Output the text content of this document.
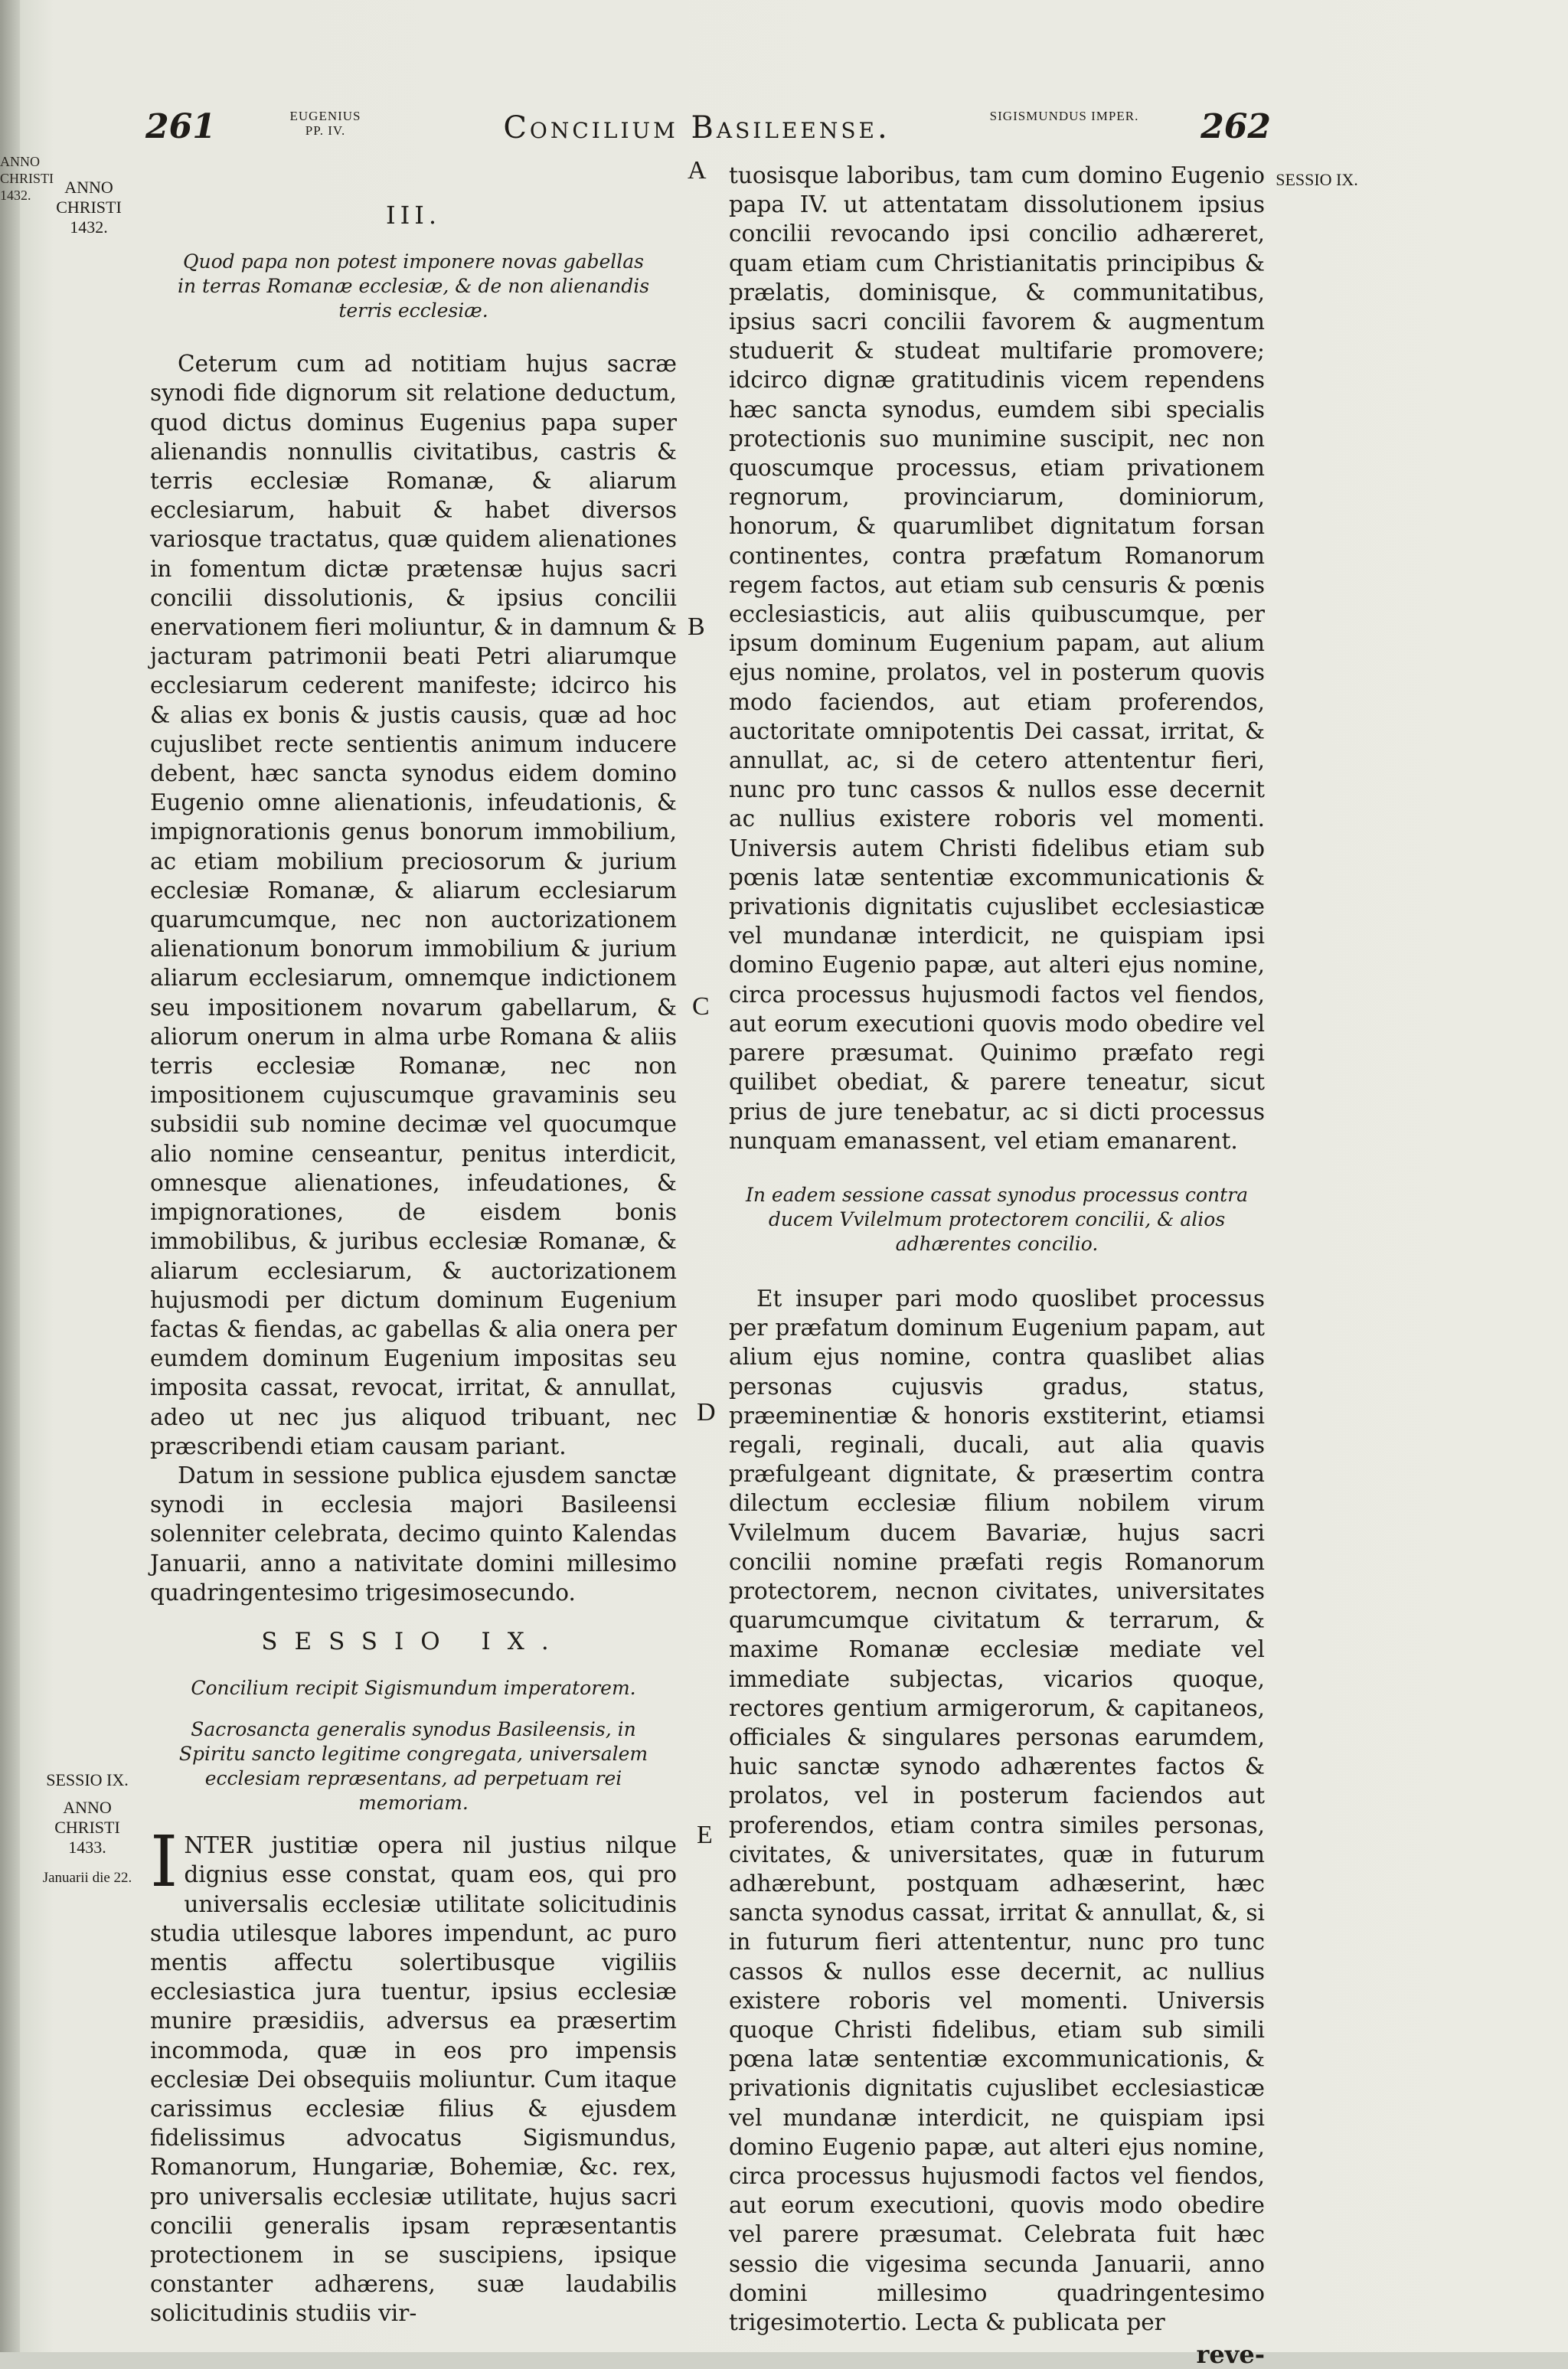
ANNO CHRISTI 1432.
261	EUGENIUS PP. IV.	Concilium Basileense.	SIGISMUNDUS IMPER. 262
ANNO CHRISTI 1432.
SESSIO IX.
SESSIO IX.
ANNO CHRISTI 1433.
Januarii die 22.
A
B
C
D
E
III.
Quod papa non potest imponere novas gabellas in terras Romanæ ecclesiæ, & de non alienandis terris ecclesiæ.

Ceterum cum ad notitiam hujus sacræ synodi fide dignorum sit relatione deductum, quod dictus dominus Eugenius papa super alienandis nonnullis civitatibus, castris & terris ecclesiæ Romanæ, & aliarum ecclesiarum, habuit & habet diversos variosque tractatus, quæ quidem alienationes in fomentum dictæ prætensæ hujus sacri concilii dissolutionis, & ipsius concilii enervationem fieri moliuntur, & in damnum & jacturam patrimonii beati Petri aliarumque ecclesiarum cederent manifeste; idcirco his & alias ex bonis & justis causis, quæ ad hoc cujuslibet recte sentientis animum inducere debent, hæc sancta synodus eidem domino Eugenio omne alienationis, infeudationis, & impignorationis genus bonorum immobilium, ac etiam mobilium preciosorum & jurium ecclesiæ Romanæ, & aliarum ecclesiarum quarumcumque, nec non auctorizationem alienationum bonorum immobilium & jurium aliarum ecclesiarum, omnemque indictionem seu impositionem novarum gabellarum, & aliorum onerum in alma urbe Romana & aliis terris ecclesiæ Romanæ, nec non impositionem cujuscumque gravaminis seu subsidii sub nomine decimæ vel quocumque alio nomine censeantur, penitus interdicit, omnesque alienationes, infeudationes, & impignorationes, de eisdem bonis immobilibus, & juribus ecclesiæ Romanæ, & aliarum ecclesiarum, & auctorizationem hujusmodi per dictum dominum Eugenium factas & fiendas, ac gabellas & alia onera per eumdem dominum Eugenium impositas seu imposita cassat, revocat, irritat, & annullat, adeo ut nec jus aliquod tribuant, nec præscribendi etiam causam pariant.

Datum in sessione publica ejusdem sanctæ synodi in ecclesia majori Basileensi solenniter celebrata, decimo quinto Kalendas Januarii, anno a nativitate domini millesimo quadringentesimo trigesimosecundo.

SESSIO IX.
Concilium recipit Sigismundum imperatorem.
Sacrosancta generalis synodus Basileensis, in Spiritu sancto legitime congregata, universalem ecclesiam repræsentans, ad perpetuam rei memoriam.

INTER justitiæ opera nil justius nilque dignius esse constat, quam eos, qui pro universalis ecclesiæ utilitate solicitudinis studia utilesque labores impendunt, ac puro mentis affectu solertibusque vigiliis ecclesiastica jura tuentur, ipsius ecclesiæ munire præsidiis, adversus ea præsertim incommoda, quæ in eos pro impensis ecclesiæ Dei obsequiis moliuntur. Cum itaque carissimus ecclesiæ filius & ejusdem fidelissimus advocatus Sigismundus, Romanorum, Hungariæ, Bohemiæ, &c. rex, pro universalis ecclesiæ utilitate, hujus sacri concilii generalis ipsam repræsentantis protectionem in se suscipiens, ipsique constanter adhærens, suæ laudabilis solicitudinis studiis vir-

tuosisque laboribus, tam cum domino Eugenio papa IV. ut attentatam dissolutionem ipsius concilii revocando ipsi concilio adhæreret, quam etiam cum Christianitatis principibus & prælatis, dominisque, & communitatibus, ipsius sacri concilii favorem & augmentum studuerit & studeat multifarie promovere; idcirco dignæ gratitudinis vicem rependens hæc sancta synodus, eumdem sibi specialis protectionis suo munimine suscipit, nec non quoscumque processus, etiam privationem regnorum, provinciarum, dominiorum, honorum, & quarumlibet dignitatum forsan continentes, contra præfatum Romanorum regem factos, aut etiam sub censuris & pœnis ecclesiasticis, aut aliis quibuscumque, per ipsum dominum Eugenium papam, aut alium ejus nomine, prolatos, vel in posterum quovis modo faciendos, aut etiam proferendos, auctoritate omnipotentis Dei cassat, irritat, & annullat, ac, si de cetero attententur fieri, nunc pro tunc cassos & nullos esse decernit ac nullius existere roboris vel momenti. Universis autem Christi fidelibus etiam sub pœnis latæ sententiæ excommunicationis & privationis dignitatis cujuslibet ecclesiasticæ vel mundanæ interdicit, ne quispiam ipsi domino Eugenio papæ, aut alteri ejus nomine, circa processus hujusmodi factos vel fiendos, aut eorum executioni quovis modo obedire vel parere præsumat. Quinimo præfato regi quilibet obediat, & parere teneatur, sicut prius de jure tenebatur, ac si dicti processus nunquam emanassent, vel etiam emanarent.

In eadem sessione cassat synodus processus contra ducem Vvilelmum protectorem concilii, & alios adhærentes concilio.

Et insuper pari modo quoslibet processus per præfatum dominum Eugenium papam, aut alium ejus nomine, contra quaslibet alias personas cujusvis gradus, status, præeminentiæ & honoris exstiterint, etiamsi regali, reginali, ducali, aut alia quavis præfulgeant dignitate, & præsertim contra dilectum ecclesiæ filium nobilem virum Vvilelmum ducem Bavariæ, hujus sacri concilii nomine præfati regis Romanorum protectorem, necnon civitates, universitates quarumcumque civitatum & terrarum, & maxime Romanæ ecclesiæ mediate vel immediate subjectas, vicarios quoque, rectores gentium armigerorum, & capitaneos, officiales & singulares personas earumdem, huic sanctæ synodo adhærentes factos & prolatos, vel in posterum faciendos aut proferendos, etiam contra similes personas, civitates, & universitates, quæ in futurum adhærebunt, postquam adhæserint, hæc sancta synodus cassat, irritat & annullat, &, si in futurum fieri attententur, nunc pro tunc cassos & nullos esse decernit, ac nullius existere roboris vel momenti. Universis quoque Christi fidelibus, etiam sub simili pœna latæ sententiæ excommunicationis, & privationis dignitatis cujuslibet ecclesiasticæ vel mundanæ interdicit, ne quispiam ipsi domino Eugenio papæ, aut alteri ejus nomine, circa processus hujusmodi factos vel fiendos, aut eorum executioni, quovis modo obedire vel parere præsumat. Celebrata fuit hæc sessio die vigesima secunda Januarii, anno domini millesimo quadringentesimo trigesimotertio. Lecta & publicata per

reve-
